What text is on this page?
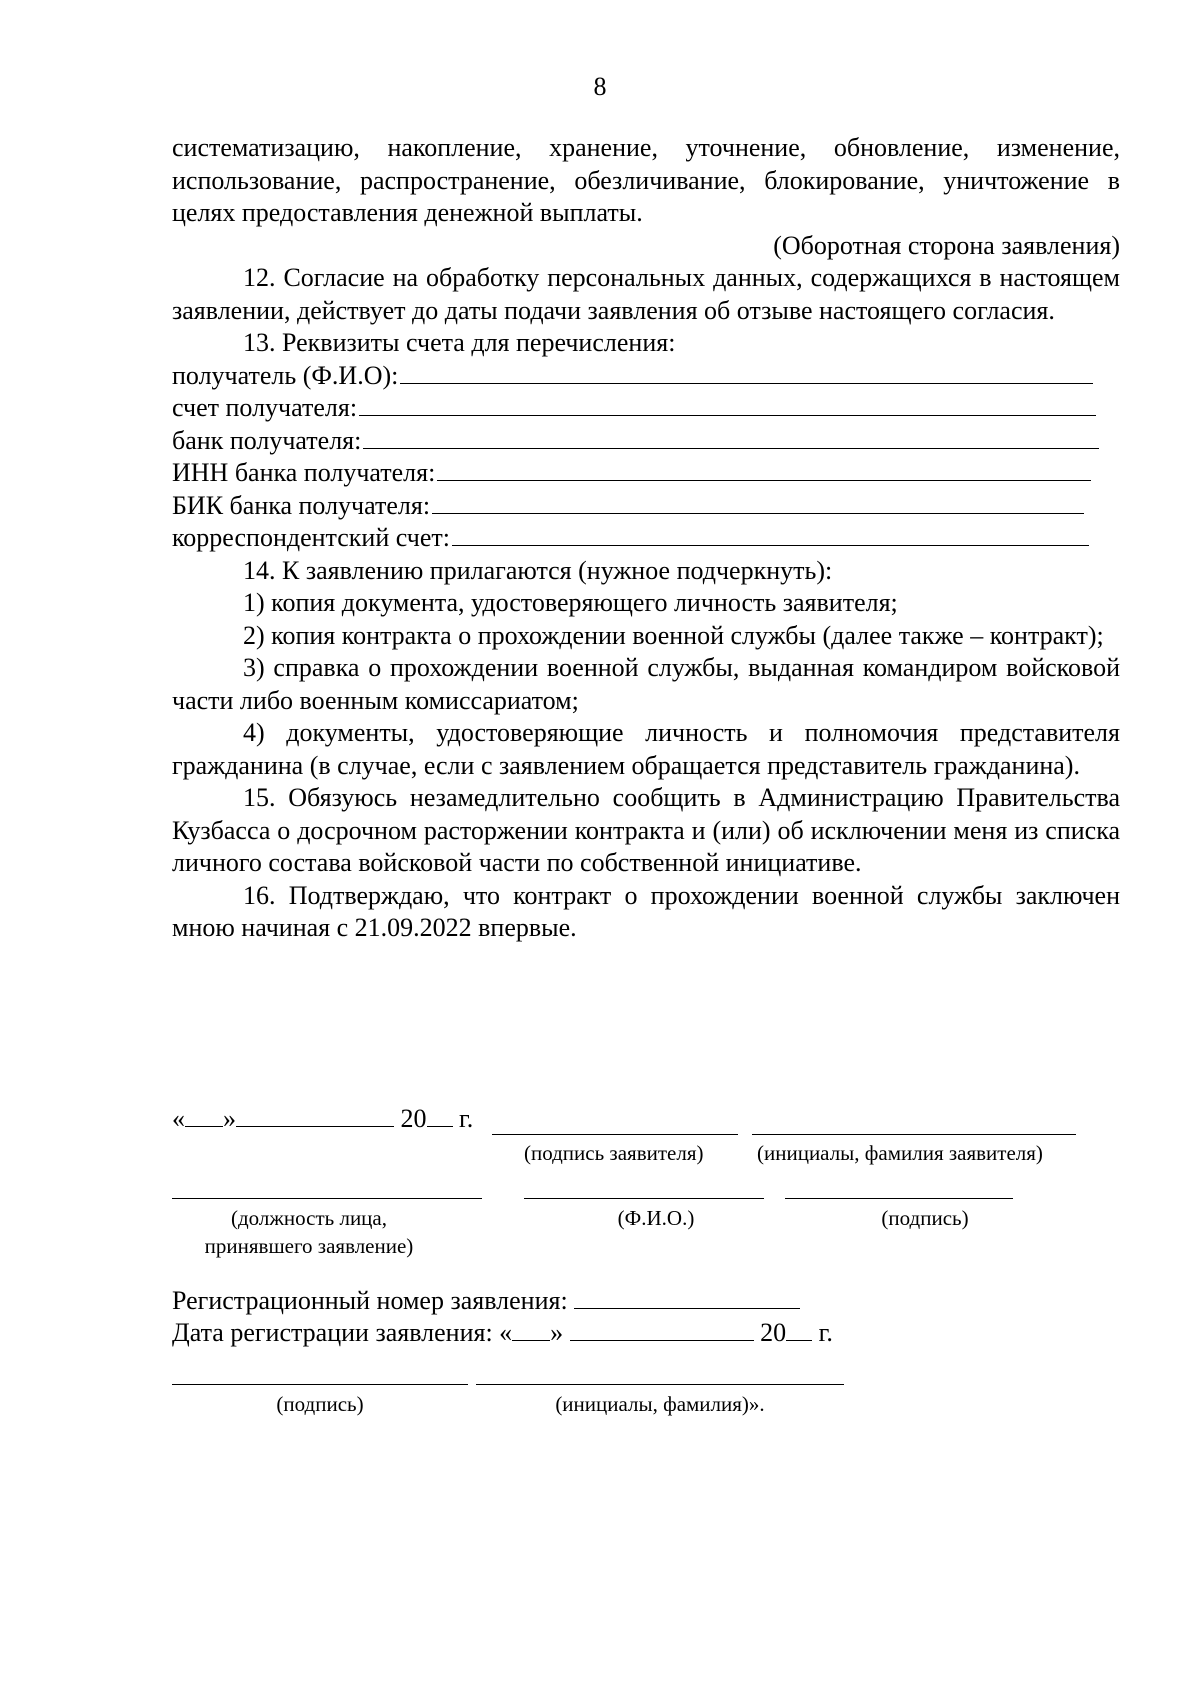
8

систематизацию, накопление, хранение, уточнение, обновление, изменение, использование, распространение, обезличивание, блокирование, уничтожение в целях предоставления денежной выплаты.

(Оборотная сторона заявления)

12. Согласие на обработку персональных данных, содержащихся в настоящем заявлении, действует до даты подачи заявления об отзыве настоящего согласия.

13. Реквизиты счета для перечисления:

получатель (Ф.И.О):
счет получателя:
банк получателя:
ИНН банка получателя:
БИК банка получателя:
корреспондентский счет:

14. К заявлению прилагаются (нужное подчеркнуть):

1) копия документа, удостоверяющего личность заявителя;

2) копия контракта о прохождении военной службы (далее также – контракт);

3) справка о прохождении военной службы, выданная командиром войсковой части либо военным комиссариатом;

4) документы, удостоверяющие личность и полномочия представителя гражданина (в случае, если с заявлением обращается представитель гражданина).

15. Обязуюсь незамедлительно сообщить в Администрацию Правительства Кузбасса о досрочном расторжении контракта и (или) об исключении меня из списка личного состава войсковой части по собственной инициативе.

16. Подтверждаю, что контракт о прохождении военной службы заключен мною начиная с 21.09.2022 впервые.

« »	20 г.
(подпись заявителя)	(инициалы, фамилия заявителя)
(должность лица,
принявшего заявление)
(Ф.И.О.)	(подпись)
Регистрационный номер заявления:
Дата регистрации заявления: « »	20 г.
(подпись)	(инициалы, фамилия)».
